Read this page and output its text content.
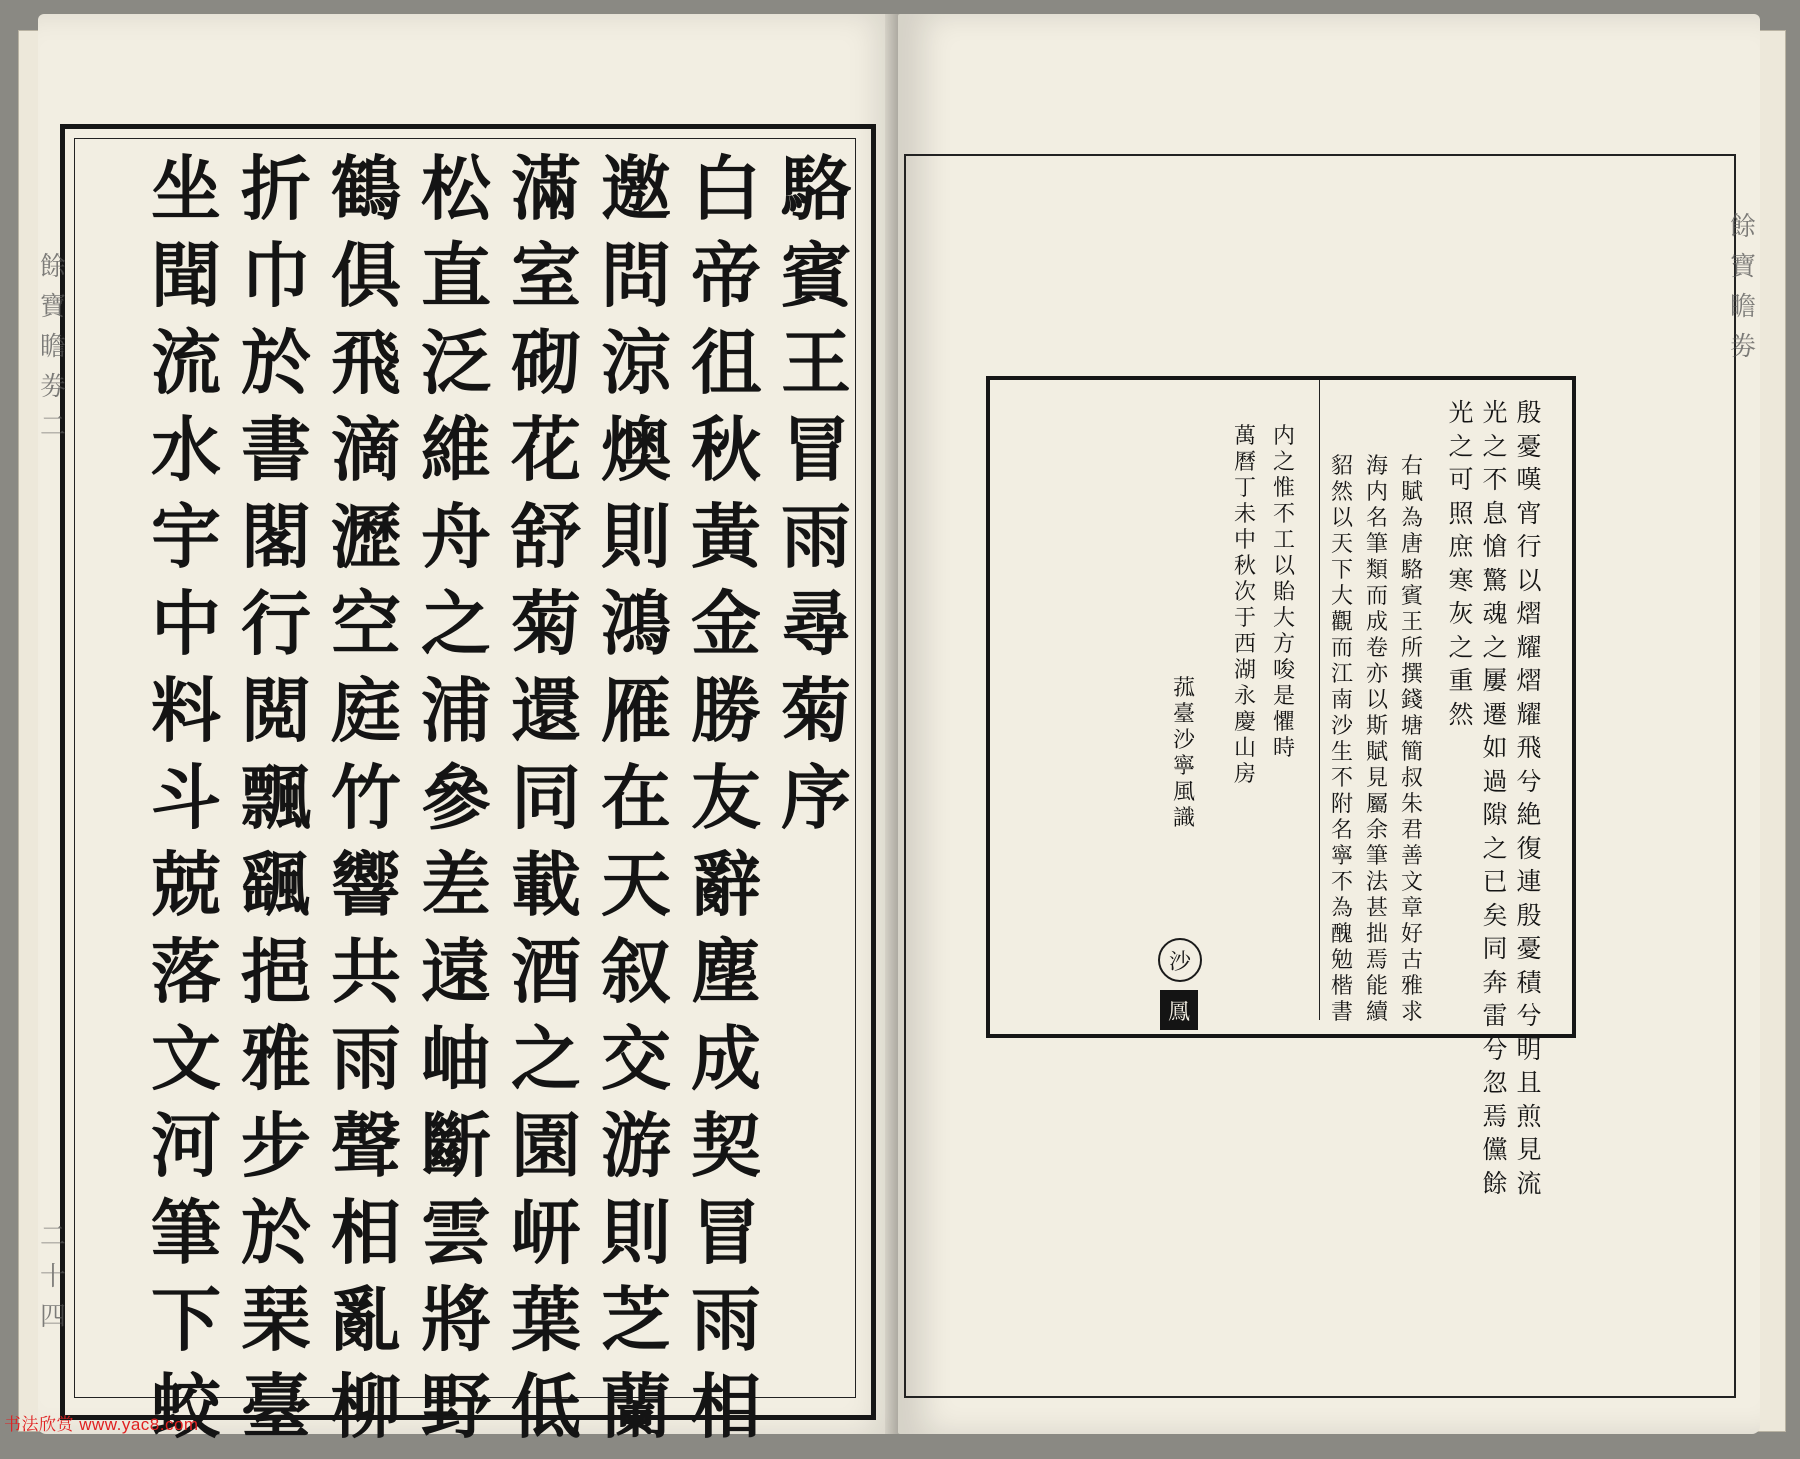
餘
寶
瞻
劵
二
二
十
四
駱
賓
王
冒
雨
尋
菊
序
白
帝
徂
秋
黃
金
勝
友
辭
塵
成
契
冒
雨
相
邀
問
涼
燠
則
鴻
雁
在
天
叙
交
游
則
芝
蘭
滿
室
砌
花
舒
菊
還
同
載
酒
之
園
岍
葉
低
松
直
泛
維
舟
之
浦
參
差
遠
岫
斷
雲
將
野
鶴
俱
飛
滴
瀝
空
庭
竹
響
共
雨
聲
相
亂
柳
折
巾
於
書
閣
行
閲
飄
颻
挹
雅
步
於
琹
臺
坐
聞
流
水
宇
中
料
斗
兢
落
文
河
筆
下
蛟
餘
寶
瞻
劵
殷
憂
嘆
宵
行
以
熠
耀
熠
耀
飛
兮
絶
復
連
殷
憂
積
兮
明
且
煎
見
流
光
之
不
息
愴
驚
魂
之
屢
遷
如
過
隙
之
已
矣
同
奔
雷
兮
忽
焉
儻
餘
光
之
可
照
庶
寒
灰
之
重
然
右
賦
為
唐
駱
賓
王
所
撰
錢
塘
簡
叔
朱
君
善
文
章
好
古
雅
求
海
内
名
筆
類
而
成
卷
亦
以
斯
賦
見
屬
余
筆
法
甚
拙
焉
能
續
貂
然
以
天
下
大
觀
而
江
南
沙
生
不
附
名
寧
不
為
醜
勉
楷
書
内
之
惟
不
工
以
貽
大
方
唆
是
懼
時
萬
曆
丁
未
中
秋
次
于
西
湖
永
慶
山
房
菰
臺
沙
寧
風
識
沙
鳳
书法欣赏 www.yac8.com
